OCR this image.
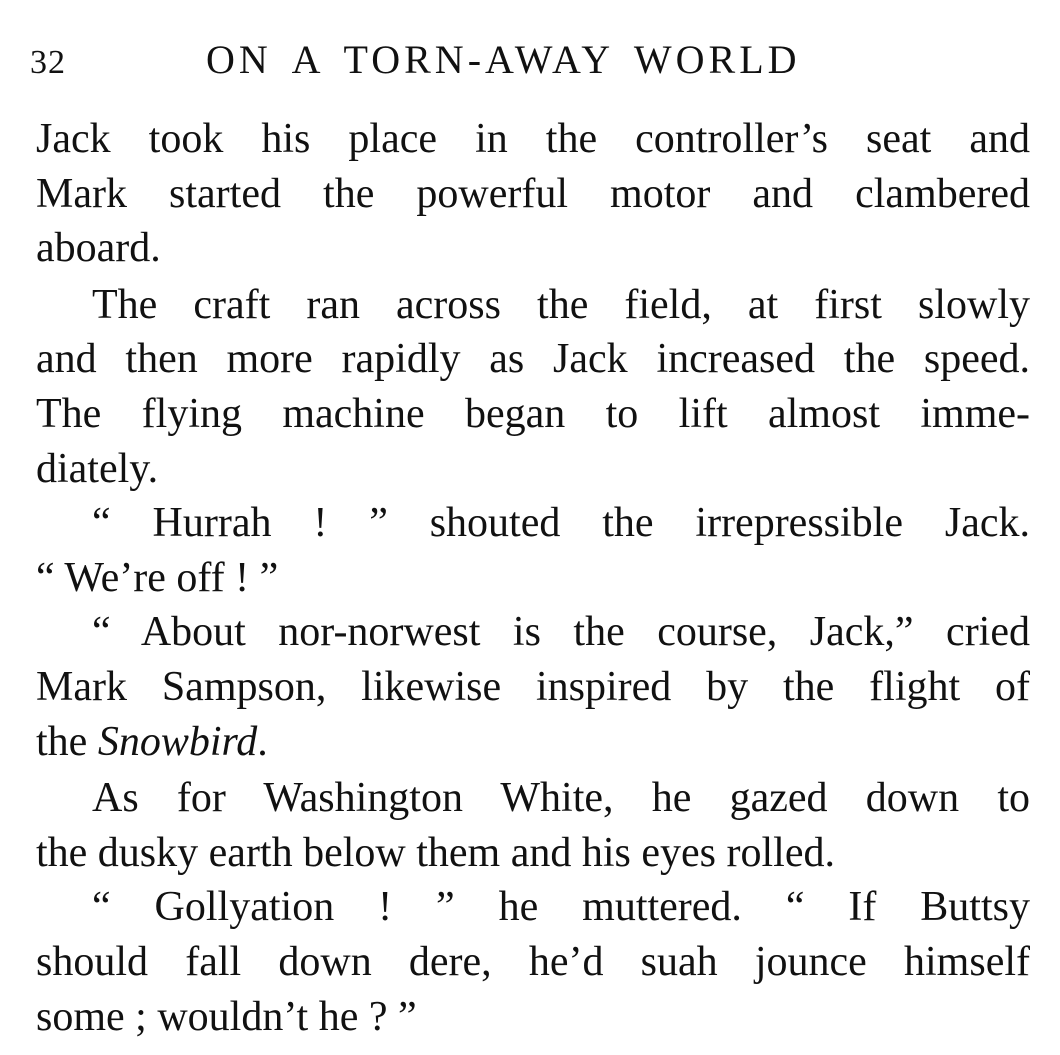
32	ON A TORN-AWAY WORLD
Jack took his place in the controller’s seat and
Mark started the powerful motor and clambered
aboard.
The craft ran across the field, at first slowly
and then more rapidly as Jack increased the speed.
The flying machine began to lift almost imme-
diately.
“ Hurrah ! ” shouted the irrepressible Jack.
“ We’re off ! ”
“ About nor-norwest is the course, Jack,” cried
Mark Sampson, likewise inspired by the flight of
the Snowbird.
As for Washington White, he gazed down to
the dusky earth below them and his eyes rolled.
“ Gollyation ! ” he muttered. “ If Buttsy
should fall down dere, he’d suah jounce himself
some ; wouldn’t he ? ”
